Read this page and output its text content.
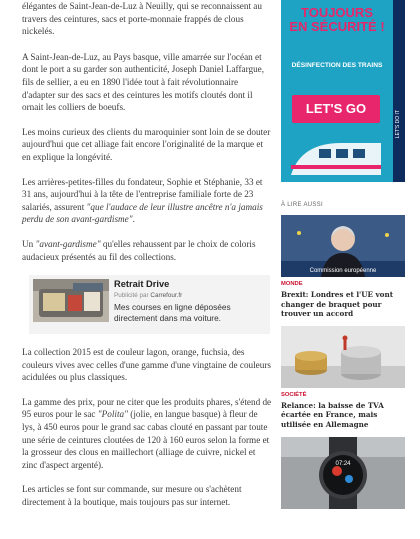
élégantes de Saint-Jean-de-Luz à Neuilly, qui se reconnaissent au travers des ceintures, sacs et porte-monnaie frappés de clous nickelés.

A Saint-Jean-de-Luz, au Pays basque, ville amarrée sur l'océan et dont le port a su garder son authenticité, Joseph Daniel Laffargue, fils de sellier, a eu en 1890 l'idée tout à fait révolutionnaire d'adapter sur des sacs et des ceintures les motifs cloutés dont il ornait les colliers de boeufs.

Les moins curieux des clients du maroquinier sont loin de se douter aujourd'hui que cet alliage fait encore l'originalité de la marque et en explique la longévité.

Les arrières-petites-filles du fondateur, Sophie et Stéphanie, 33 et 31 ans, aujourd'hui à la tête de l'entreprise familiale forte de 23 salariés, assurent "que l'audace de leur illustre ancêtre n'a jamais perdu de son avant-gardisme".

Un "avant-gardisme" qu'elles rehaussent par le choix de coloris audacieux présentés au fil des collections.

Retrait Drive
Publicité par Carrefour.fr
Mes courses en ligne déposées directement dans ma voiture.

La collection 2015 est de couleur lagon, orange, fuchsia, des couleurs vives avec celles d'une gamme d'une vingtaine de couleurs acidulées ou plus classiques.

La gamme des prix, pour ne citer que les produits phares, s'étend de 95 euros pour le sac "Polita" (jolie, en langue basque) à fleur de lys, à 450 euros pour le grand sac cabas clouté en passant par toute une série de ceintures cloutées de 120 à 160 euros selon la forme et la grosseur des clous en maillechort (alliage de cuivre, nickel et zinc d'aspect argenté).

Les articles se font sur commande, sur mesure ou s'achètent directement à la boutique, mais toujours pas sur internet.

TOUJOURS
EN SÉCURITÉ !
DÉSINFECTION DES TRAINS
LET'S GO
LET'S DO IT
À LIRE AUSSI
Commission européenne
MONDE
Brexit: Londres et l'UE vont changer de braquet pour trouver un accord
SOCIÉTÉ
Relance: la baisse de TVA écartée en France, mais utilisée en Allemagne
07:24
